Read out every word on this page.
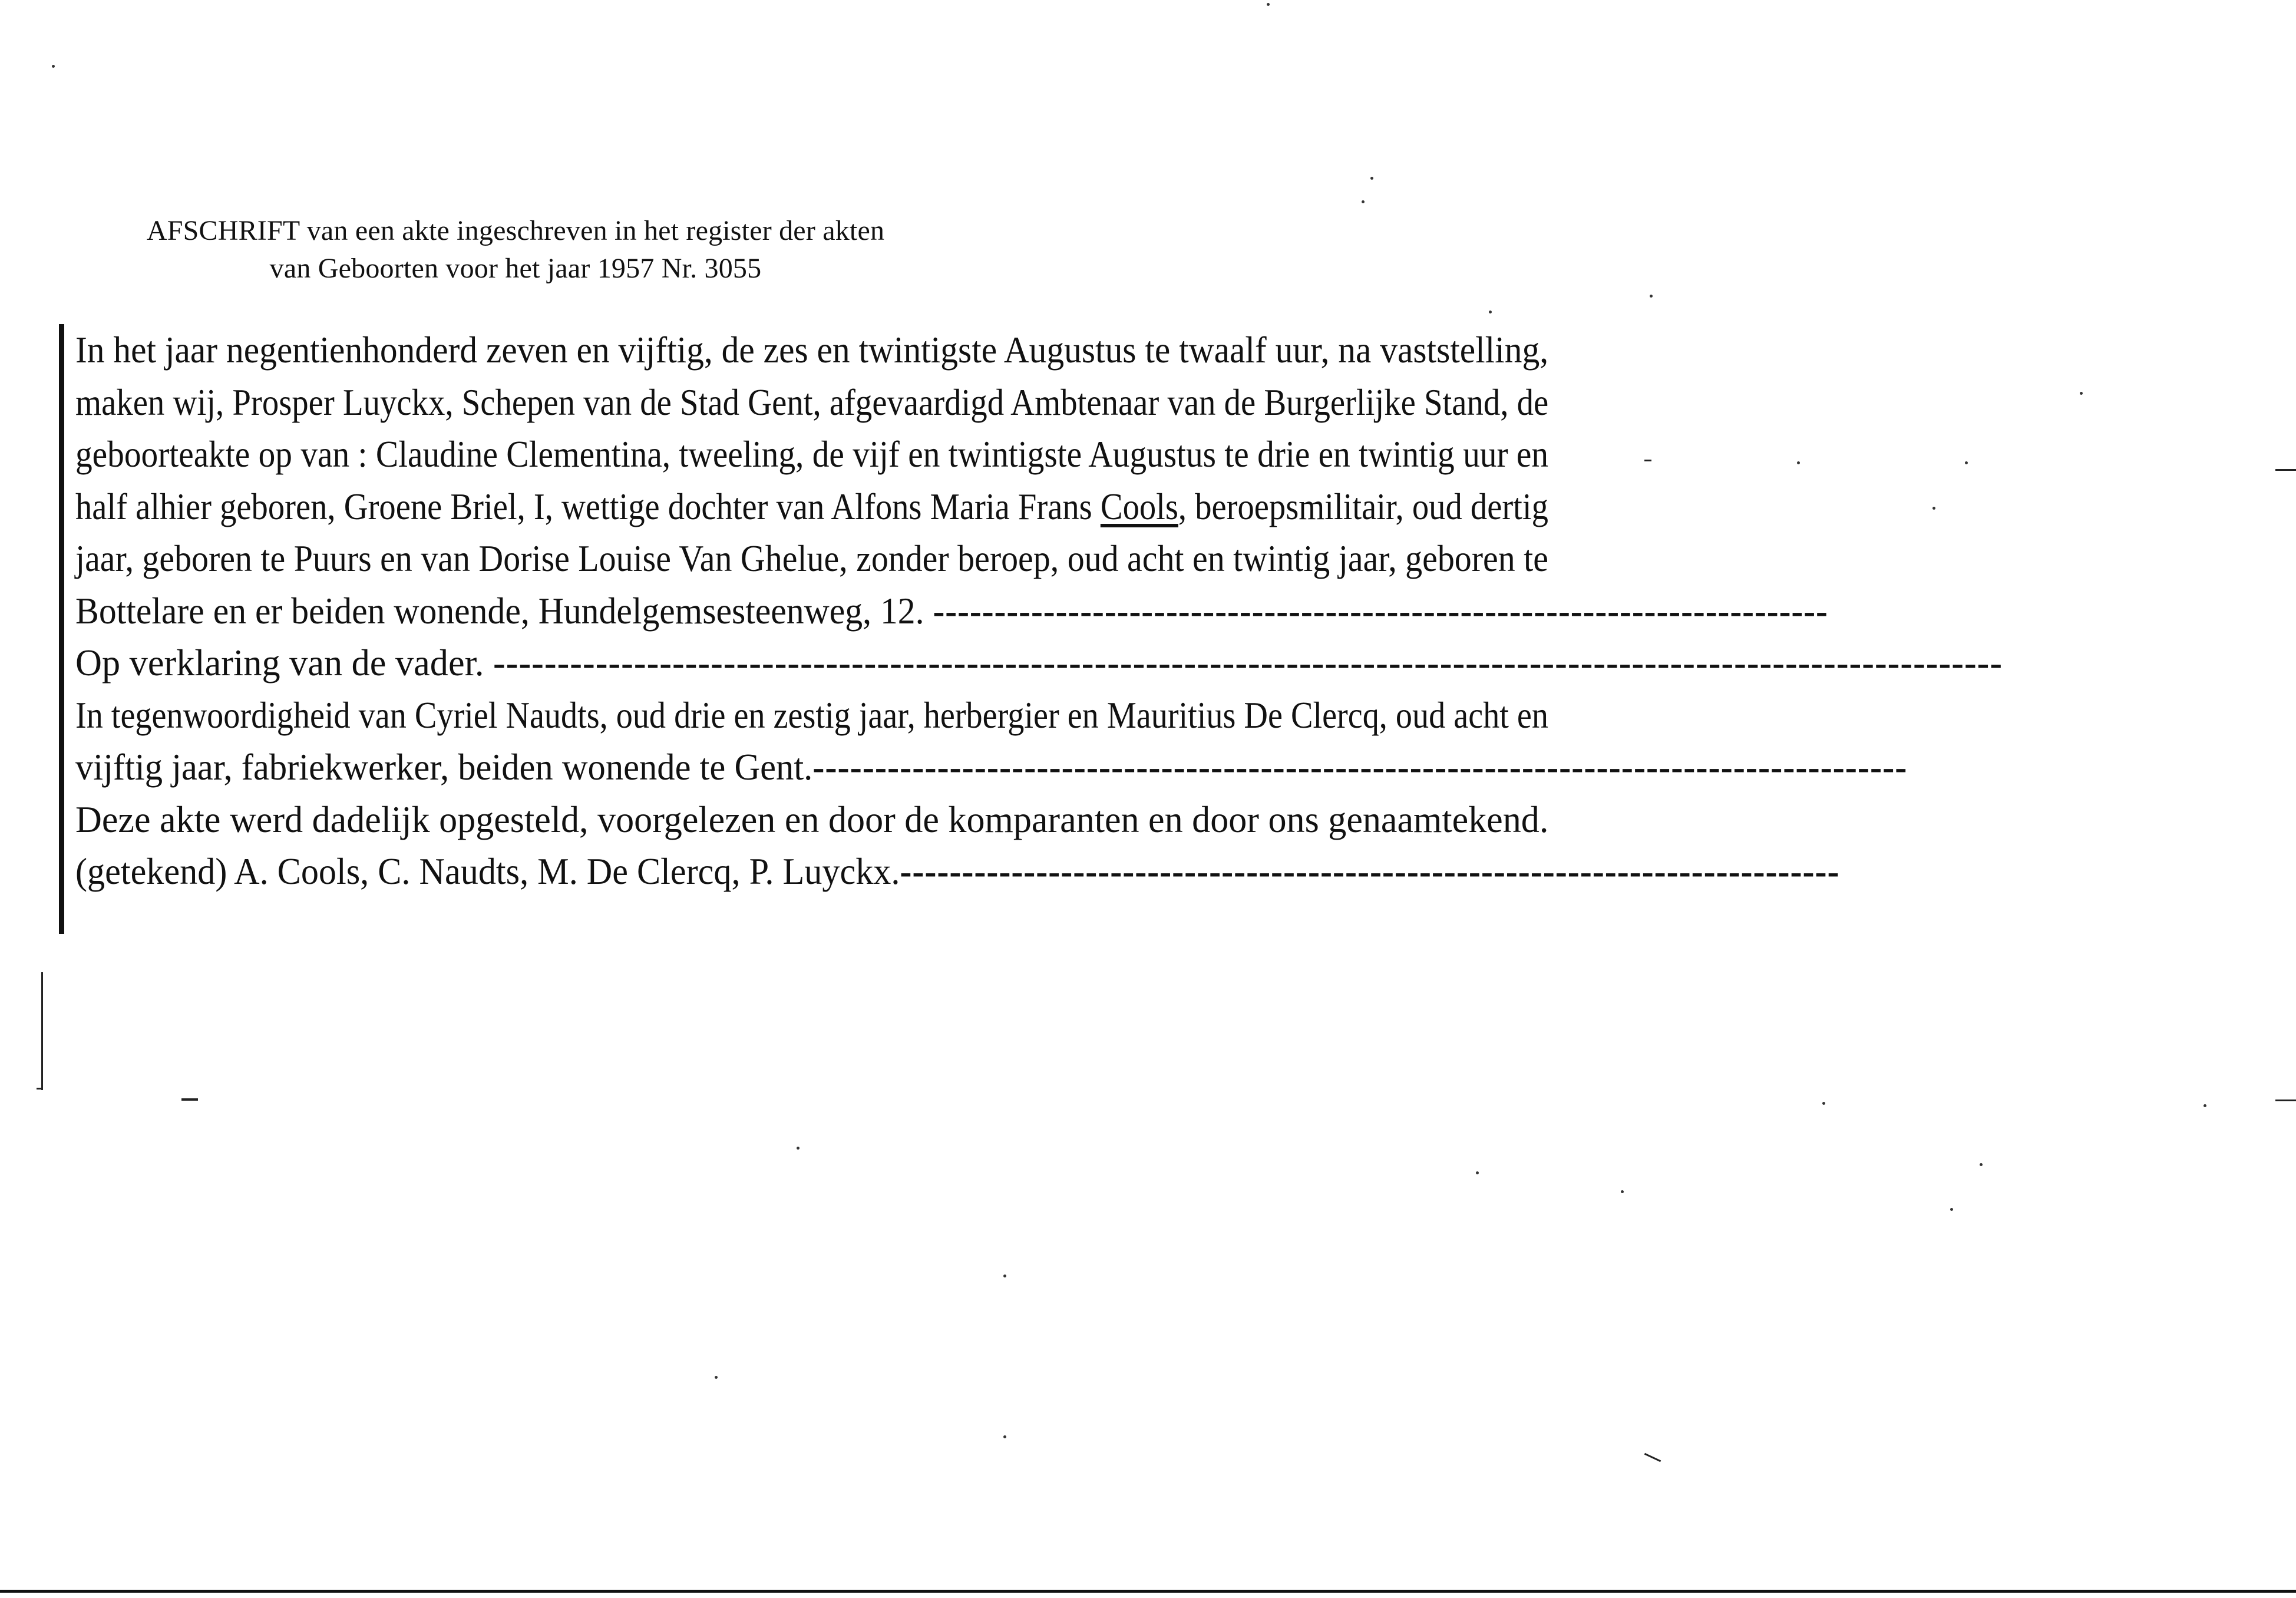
AFSCHRIFT van een akte ingeschreven in het register der akten
van Geboorten voor het jaar 1957 Nr. 3055
In het jaar negentienhonderd zeven en vijftig, de zes en twintigste Augustus te twaalf uur, na vaststelling,
maken wij, Prosper Luyckx, Schepen van de Stad Gent, afgevaardigd Ambtenaar van de Burgerlijke Stand, de
geboorteakte op van : Claudine Clementina, tweeling, de vijf en twintigste Augustus te drie en twintig uur en
half alhier geboren, Groene Briel, I, wettige dochter van Alfons Maria Frans Cools, beroepsmilitair, oud dertig
jaar, geboren te Puurs en van Dorise Louise Van Ghelue, zonder beroep, oud acht en twintig jaar, geboren te
Bottelare en er beiden wonende, Hundelgemsesteenweg, 12. -------------------------------------------------------------------------
Op verklaring van de vader. ----------------------------------------------------------------------------------------------------------------------
In tegenwoordigheid van Cyriel Naudts, oud drie en zestig jaar, herbergier en Mauritius De Clercq, oud acht en
vijftig jaar, fabriekwerker, beiden wonende te Gent.----------------------------------------------------------------------------------------
Deze akte werd dadelijk opgesteld, voorgelezen en door de komparanten en door ons genaamtekend.
(getekend) A. Cools, C. Naudts, M. De Clercq, P. Luyckx.----------------------------------------------------------------------------
